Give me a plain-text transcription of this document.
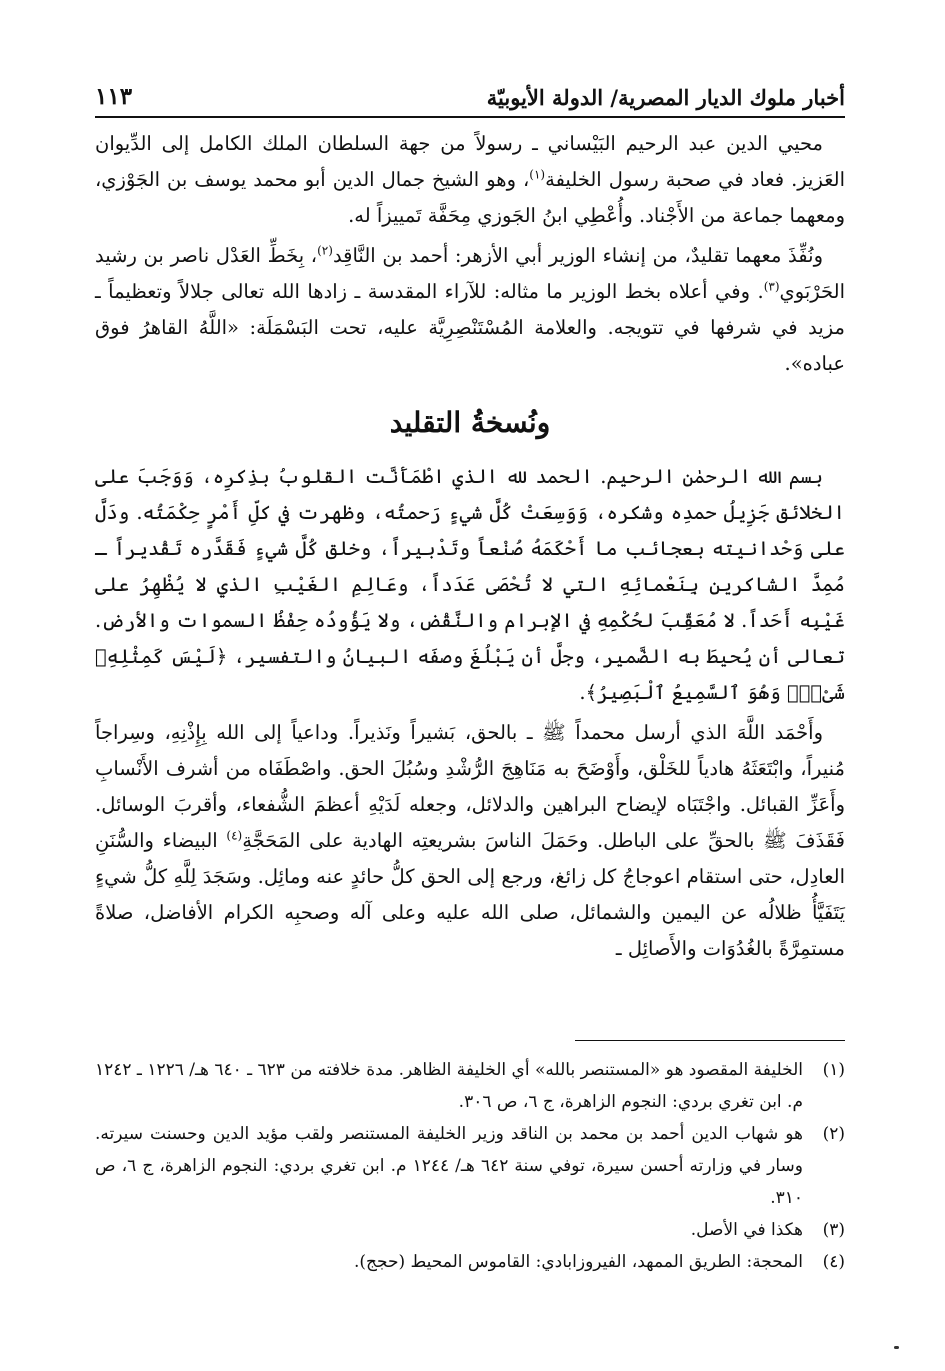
أخبار ملوك الديار المصرية/ الدولة الأيوبيّة
١١٣

محيي الدين عبد الرحيم البَيْساني ـ رسولاً من جهة السلطان الملك الكامل إلى الدِّيوان العَزيز. فعاد في صحبة رسول الخليفة$^{(١)}$، وهو الشيخ جمال الدين أبو محمد يوسف بن الجَوْزي، ومعهما جماعة من الأَجْناد. وأُعْطِي ابنُ الجَوزي مِحَفَّة تَمييزاً له.

ونُفِّذَ معهما تقليدٌ، من إنشاء الوزير أبي الأزهر: أحمد بن النَّاقِد$^{(٢)}$، بِخَطِّ العَدْل ناصر بن رشيد الحَرْبَوي$^{(٣)}$. وفي أعلاه بخط الوزير ما مثاله: للآراء المقدسة ـ زادها الله تعالى جلالاً وتعظيماً ـ مزيد في شرفها في تتويجه. والعلامة المُسْتَنْصِرِيَّة عليه، تحت البَسْمَلَة: «اللَّهُ القاهرُ فوق عباده».

ونُسخةُ التقليد

بسم الله الرحمٰن الرحيم. الحمد لله الذي اطْمَأَنَّت القلوبُ بذِكرِه، وَوَجَبَ على الخلائق جَزِيلُ حمدِه وشكره، وَوَسِعَتْ كُلَّ شيءٍ رَحمتُه، وظهرت في كلِّ أَمْرٍ حِكْمَتُه. ودَلَّ على وَحْدانيته بعجائب ما أَحْكَمَهُ صُنْعاً وتَدْبيراً، وخلق كُلَّ شيءٍ فَقَدَّره تَقْديراً ـ مُمِدَّ الشاكرين بِنَعْمائِهِ التي لا تُحْصَى عَدَداً، وعَالِمِ الغَيْبِ الذي لا يُظْهِرُ على غَيْبِه أَحَداً. لا مُعَقِّبَ لحُكْمِهِ في الإبرام والنَّقْض، ولا يَؤُودُه حِفْظُ السموات والأرض. تعالى أن يُحيطَ به الضَّمير، وجلَّ أن يَبْلُغَ وصفَه البيانُ والتفسير، ﴿لَيْسَ كَمِثْلِهِۦ شَىْءٌۖ وَهُوَ ٱلسَّمِيعُ ٱلْبَصِيرُ﴾.

وأَحْمَد اللَّهَ الذي أرسل محمداً ﷺ ـ بالحق، بَشيراً ونَذيراً. وداعياً إلى الله بِإِذْنِهِ، وسِراجاً مُنيراً، وابْتَعَثَهُ هادياً للخَلْق، وأَوْضَحَ به مَنَاهِجَ الرُّشْدِ وسُبُلَ الحق. واصْطَفَاه من أشرف الأَنْسابِ وأَعَزِّ القبائل. واجْتَبَاه لإيضاح البراهين والدلائل، وجعله لَدَيْهِ أعظمَ الشُّفعاء، وأقربَ الوسائل. فَقَذَفَ ﷺ بالحقِّ على الباطل. وحَمَلَ الناسَ بشريعتِه الهادية على المَحَجَّةِ$^{(٤)}$ البيضاء والسُّنَنِ العادِل، حتى استقام اعوجاجُ كل زائغ، ورجع إلى الحق كلُّ حائدٍ عنه ومائِل. وسَجَدَ لِلَّهِ كلُّ شيءٍ يَتَفَيَّأُ ظلالُه عن اليمين والشمائل، صلى الله عليه وعلى آله وصحبِه الكرام الأفاضل، صلاةً مستمِرَّةً بالغُدُوَات والأَصائِل ـ

(١)
الخليفة المقصود هو «المستنصر بالله» أي الخليفة الظاهر. مدة خلافته من ٦٢٣ ـ ٦٤٠ هـ/ ١٢٢٦ ـ ١٢٤٢ م. ابن تغري بردي: النجوم الزاهرة، ج ٦، ص ٣٠٦.
(٢)
هو شهاب الدين أحمد بن محمد بن الناقد وزير الخليفة المستنصر ولقب مؤيد الدين وحسنت سيرته. وسار في وزارته أحسن سيرة، توفي سنة ٦٤٢ هـ/ ١٢٤٤ م. ابن تغري بردي: النجوم الزاهرة، ج ٦، ص ٣١٠.
(٣)
هكذا في الأصل.
(٤)
المحجة: الطريق الممهد، الفيروزابادي: القاموس المحيط (حجج).
